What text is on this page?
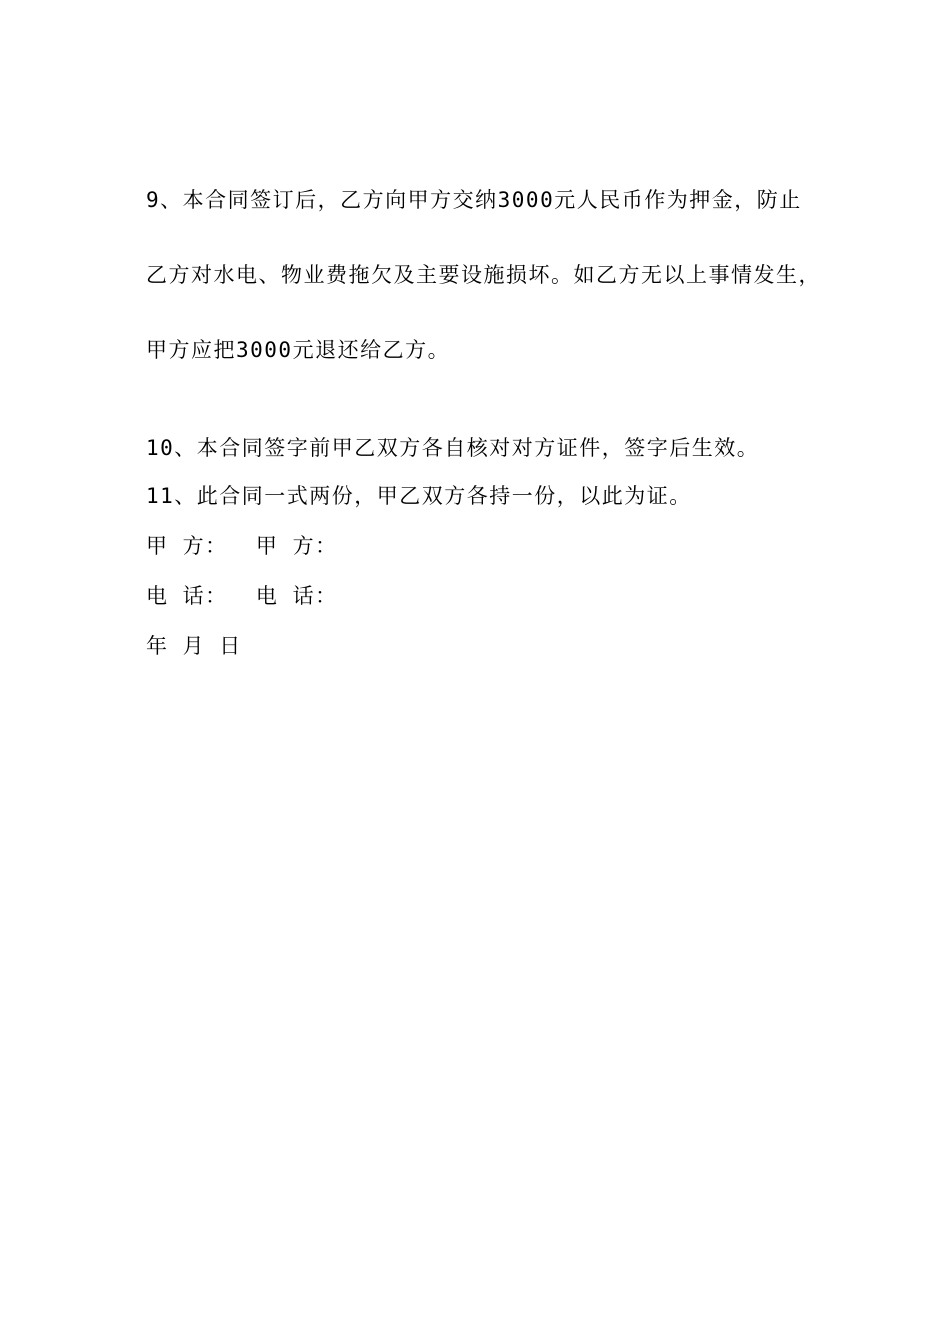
9、本合同签订后，乙方向甲方交纳3000元人民币作为押金，防止

乙方对水电、物业费拖欠及主要设施损坏。如乙方无以上事情发生，

甲方应把3000元退还给乙方。

10、本合同签字前甲乙双方各自核对对方证件，签字后生效。

11、此合同一式两份，甲乙双方各持一份，以此为证。

甲 方：  甲 方：

电 话：  电 话：

年 月 日
